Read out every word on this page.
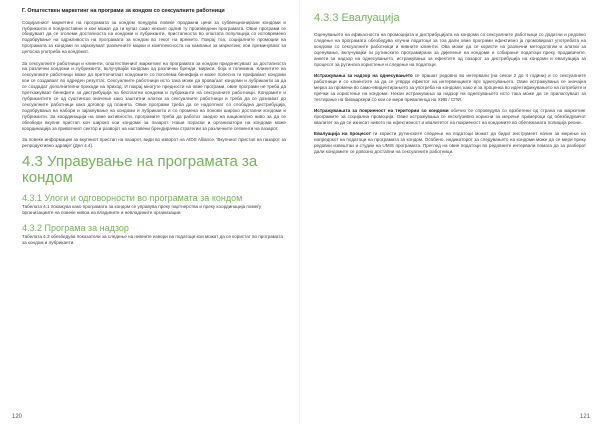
Г. Општествен маркетинг на програми за кондом со сексуалните работници

Социјалниот маркетинг на програмата за кондом понудува повеќе продажни цени за субвенционирани кондоми и лубриканти и поедноставни и кои можат да ги купат само некоил одлив ту произведени програмата. Овие програми се обидуваат да се зголеми достапноста на кондоми и лубриканти, пристапноста во општата популација со истовремено подобрување на одржливоста на програмата за кондом во текот на времето. Покрај тоа, социјалните промоции на програмата за кондоми ги зајакнуваат различните марки и комплексноста на кампањи за маркетинг, кои преминуваат за целосна употреба на кондомот.

За сексуалните работници и клиенти, општествениот маркетинг на програмата за кондом придонесуваат за достапноста на различни кондоми и лубриканти, вклучувајќи кондоми од различни бренди, мириси, боја и големина. Клиентите на сексуалните работници може да претпочитаат кондомите со поголема бенефија и може полесно ги прифаќаат кондоми кои се создаваат во одреден резултат. Сексуалните работници исто така може да проваѓаат кондоми и лубриканти за да се создадат дополнителни приходи на приход. И покрај многуте предности на овие програми, овие програми не треба да преткажуваат бенефити за дистрибуција на бесплатни кондоми и лубриканти на сексуалните работници. Кондомите и лубрикантите се од суштинско значење како заштитни алатки за сексуалните работници и треба да се дознават до сексуалните работници како договор од планета. Овие програми треба да се надоплнат со слободна дистрибуција, подобрувања на набори и зајакнување на кондоми и лубриканти и со промена на понови широко достапни кондоми и лубриканти. За координација на овие активности, програмите треба да работат заедно на национално ниво за да се обезбеди вкупни пристап кон широко кои кондоми за пазарот. Наши пораски и организатори на кондоми може координација за приватниот сектор и развојот на наставени брендирачки стратегии за различните сегменти на пазарот.

За повеќе информации за вкупниот пристап на пазарот, види во изворот на AIDS Alliance, 'Вкупниот пристап на пазарот за репродуктивно здравје' (Дел 4.4).

4.3 Управување на програмата за кондом
4.3.1 Улоги и одговорности во програмата за кондом

Табелата 4.1 покажува како програмата за кондом се управува преку партнерства и преку координација помеѓу организациите на повеќе нивоа на владините и невладините организации.

4.3.2 Програма за надзор

Табелата 4.3 обезбедува показатели за следење на нивните извори на податоци кои можат да се користат во програмата за кондом и лубриканти.

120
4.3.3 Евалуација

Оценувањето на ефикасноста на промоцијата и дистрибуцијата на кондоми со сексуалните работници со додатни и редовно следење на програмата обезбедува клучни податоци за тоа дали овие програми ефективно ја промовираат употребата на кондоми со сексуалните работници и нивните клиенти. Ова може да се користи на различни методологии и алатки за оценување, вклучувајќи ги рутинските програмирани за дијелење на кондоми и собирање податоци преку продавачите, анкети за надзор на однесувањето, истражувања за ефектите од пазарот за дистрибуција на кондоми и евалуација за процесот за рутинска користење и следење на податоци.

Истражувања за надзор на однесувањето се прашат редовно во интервали (на секои 2 до 4 години) и со сексуалните работници и со клиентите за да се утврди ефектот на интервенциите врз однесувањето. Овие истражувања се значајна мерка за промени во само-евидентирањето за употреба на кондоми, како и за проценка во идентификувањето на потребите и пречки за користење на кондоми. Некои истражувања за надзор на однесувањето исто така може да се прилагоуваат за тестирање на биомаркери со кои се мери преваленца на ХИВ / СПИ.

Истражувањата за покриеност на територии со кондоми обично се спроведува со врзбетени од страна на маркетинг програмите за социјална промоција. Овие истражувања се ексклузивно корисни за мерење примероци од обезбедувачот квалитет за да се изнесат нивото на ефективност и квалитетот на покриеност на кондомите во обележаната полиција реони.

Евалуација на процесот ги користи рутинските следење на податоци можат да бидат инструмент начин за мерење на напредокот на податоци на програмата за кондом. Особено, индикаторот за следувањето на кондоми може да се мери преку редовни извештаи и студии на UMIS програмата. Преглед на овие податоци во редовните интервали помага да за разберат дали кондомите се довозно достапни на сексуалните работници.

121
